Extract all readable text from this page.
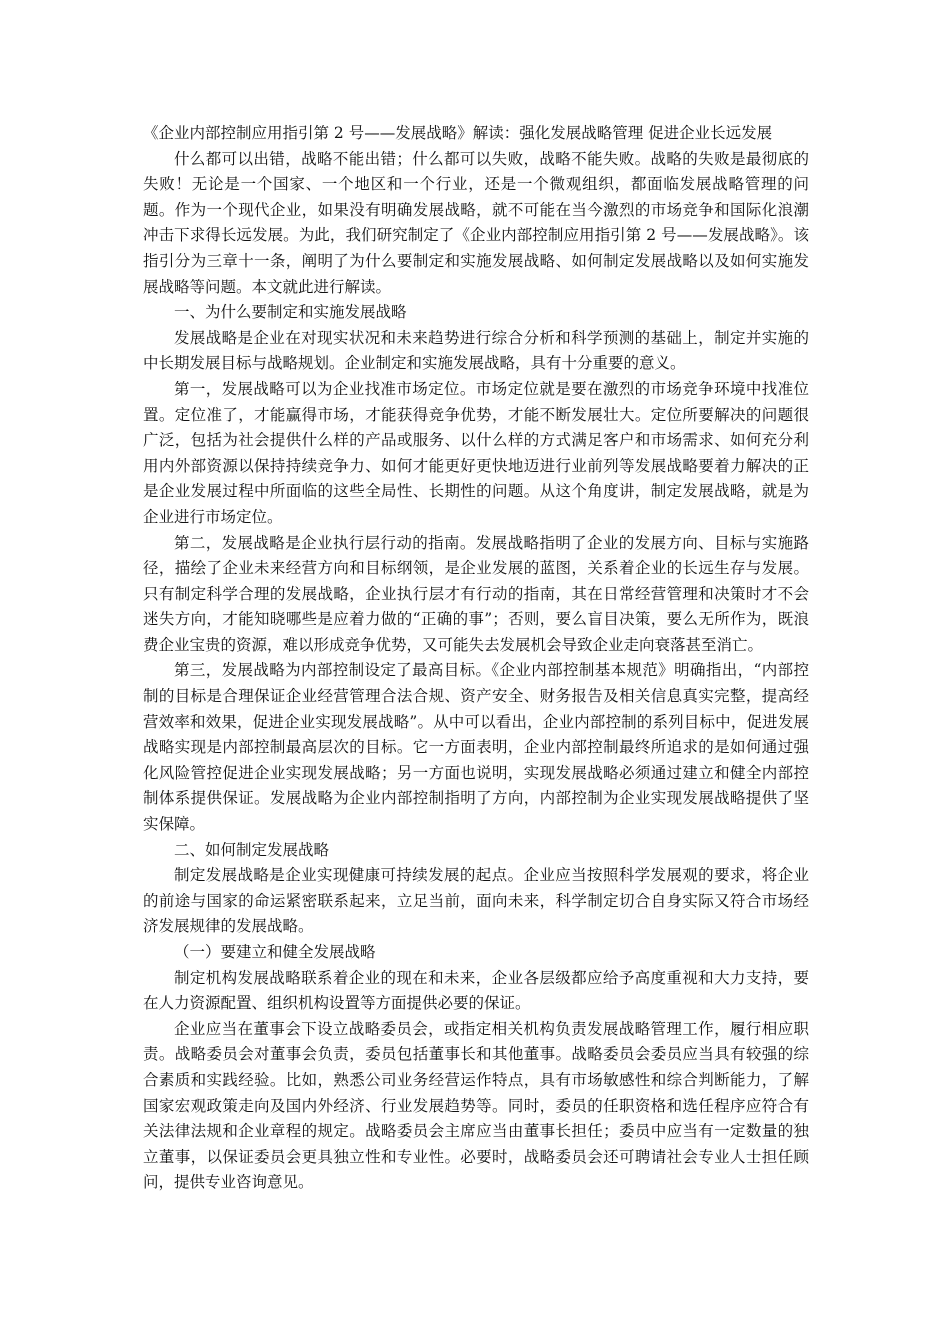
《企业内部控制应用指引第 2 号——发展战略》解读：强化发展战略管理 促进企业长远发展

什么都可以出错，战略不能出错；什么都可以失败，战略不能失败。战略的失败是最彻底的失败！无论是一个国家、一个地区和一个行业，还是一个微观组织，都面临发展战略管理的问题。作为一个现代企业，如果没有明确发展战略，就不可能在当今激烈的市场竞争和国际化浪潮冲击下求得长远发展。为此，我们研究制定了《企业内部控制应用指引第 2 号——发展战略》。该指引分为三章十一条，阐明了为什么要制定和实施发展战略、如何制定发展战略以及如何实施发展战略等问题。本文就此进行解读。

一、为什么要制定和实施发展战略

发展战略是企业在对现实状况和未来趋势进行综合分析和科学预测的基础上，制定并实施的中长期发展目标与战略规划。企业制定和实施发展战略，具有十分重要的意义。

第一，发展战略可以为企业找准市场定位。市场定位就是要在激烈的市场竞争环境中找准位置。定位准了，才能赢得市场，才能获得竞争优势，才能不断发展壮大。定位所要解决的问题很广泛，包括为社会提供什么样的产品或服务、以什么样的方式满足客户和市场需求、如何充分利用内外部资源以保持持续竞争力、如何才能更好更快地迈进行业前列等发展战略要着力解决的正是企业发展过程中所面临的这些全局性、长期性的问题。从这个角度讲，制定发展战略，就是为企业进行市场定位。

第二，发展战略是企业执行层行动的指南。发展战略指明了企业的发展方向、目标与实施路径，描绘了企业未来经营方向和目标纲领，是企业发展的蓝图，关系着企业的长远生存与发展。只有制定科学合理的发展战略，企业执行层才有行动的指南，其在日常经营管理和决策时才不会迷失方向，才能知晓哪些是应着力做的“正确的事”；否则，要么盲目决策，要么无所作为，既浪费企业宝贵的资源，难以形成竞争优势，又可能失去发展机会导致企业走向衰落甚至消亡。

第三，发展战略为内部控制设定了最高目标。《企业内部控制基本规范》明确指出，“内部控制的目标是合理保证企业经营管理合法合规、资产安全、财务报告及相关信息真实完整，提高经营效率和效果，促进企业实现发展战略”。从中可以看出，企业内部控制的系列目标中，促进发展战略实现是内部控制最高层次的目标。它一方面表明，企业内部控制最终所追求的是如何通过强化风险管控促进企业实现发展战略；另一方面也说明，实现发展战略必须通过建立和健全内部控制体系提供保证。发展战略为企业内部控制指明了方向，内部控制为企业实现发展战略提供了坚实保障。

二、如何制定发展战略

制定发展战略是企业实现健康可持续发展的起点。企业应当按照科学发展观的要求，将企业的前途与国家的命运紧密联系起来，立足当前，面向未来，科学制定切合自身实际又符合市场经济发展规律的发展战略。

（一）要建立和健全发展战略

制定机构发展战略联系着企业的现在和未来，企业各层级都应给予高度重视和大力支持，要在人力资源配置、组织机构设置等方面提供必要的保证。

企业应当在董事会下设立战略委员会，或指定相关机构负责发展战略管理工作，履行相应职责。战略委员会对董事会负责，委员包括董事长和其他董事。战略委员会委员应当具有较强的综合素质和实践经验。比如，熟悉公司业务经营运作特点，具有市场敏感性和综合判断能力，了解国家宏观政策走向及国内外经济、行业发展趋势等。同时，委员的任职资格和选任程序应符合有关法律法规和企业章程的规定。战略委员会主席应当由董事长担任；委员中应当有一定数量的独立董事，以保证委员会更具独立性和专业性。必要时，战略委员会还可聘请社会专业人士担任顾问，提供专业咨询意见。
